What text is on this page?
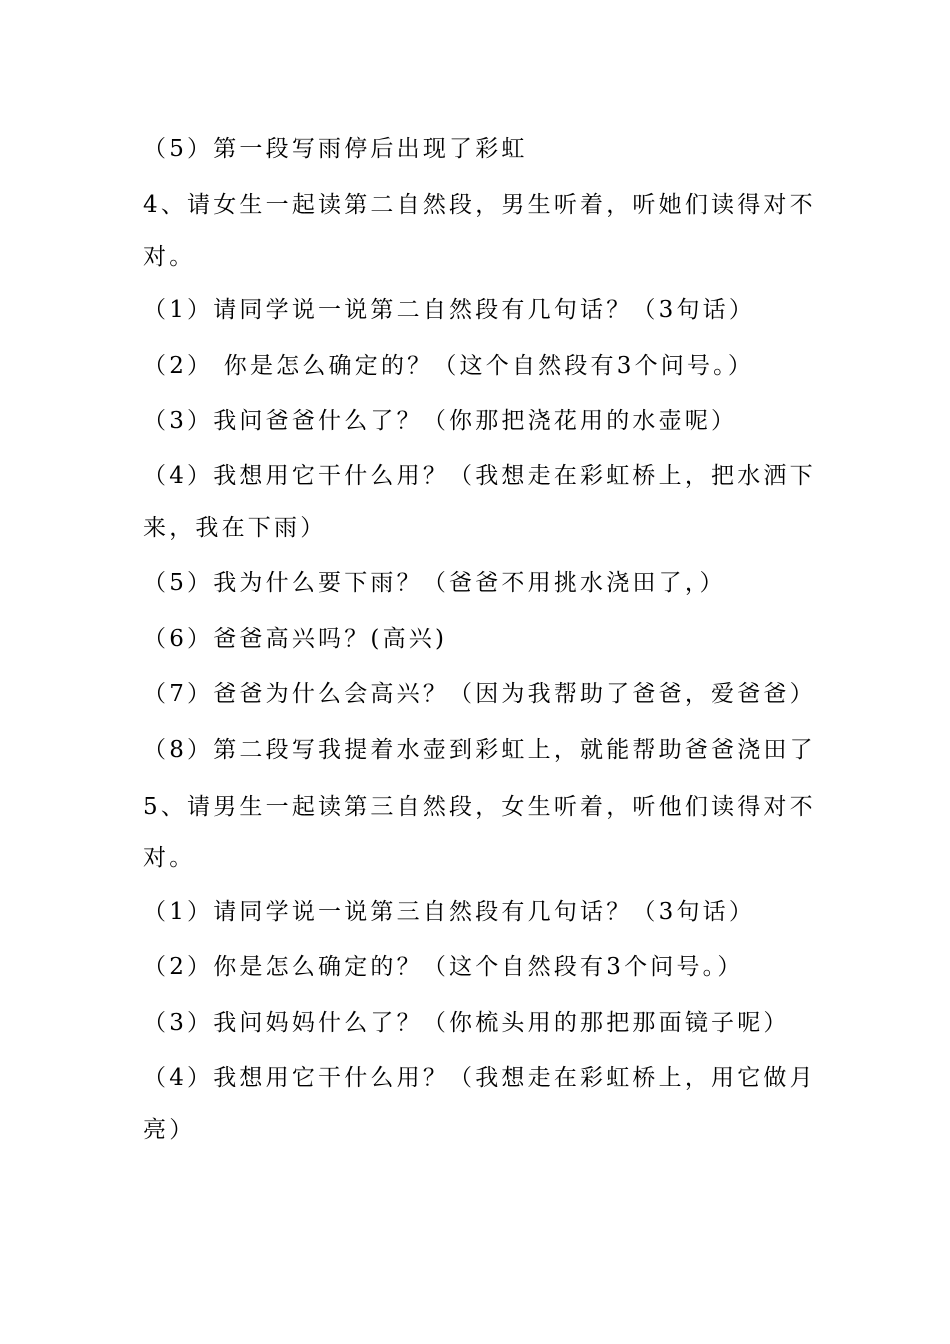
（5）第一段写雨停后出现了彩虹
4、请女生一起读第二自然段，男生听着，听她们读得对不
对。
（1）请同学说一说第二自然段有几句话？（3句话）
（2） 你是怎么确定的？（这个自然段有3个问号。）
（3）我问爸爸什么了？（你那把浇花用的水壶呢）
（4）我想用它干什么用？（我想走在彩虹桥上，把水洒下
来，我在下雨）
（5）我为什么要下雨？（爸爸不用挑水浇田了，）
（6）爸爸高兴吗？(高兴)
（7）爸爸为什么会高兴？（因为我帮助了爸爸，爱爸爸）
（8）第二段写我提着水壶到彩虹上，就能帮助爸爸浇田了
5、请男生一起读第三自然段，女生听着，听他们读得对不
对。
（1）请同学说一说第三自然段有几句话？（3句话）
（2）你是怎么确定的？（这个自然段有3个问号。）
（3）我问妈妈什么了？（你梳头用的那把那面镜子呢）
（4）我想用它干什么用？（我想走在彩虹桥上，用它做月
亮）
